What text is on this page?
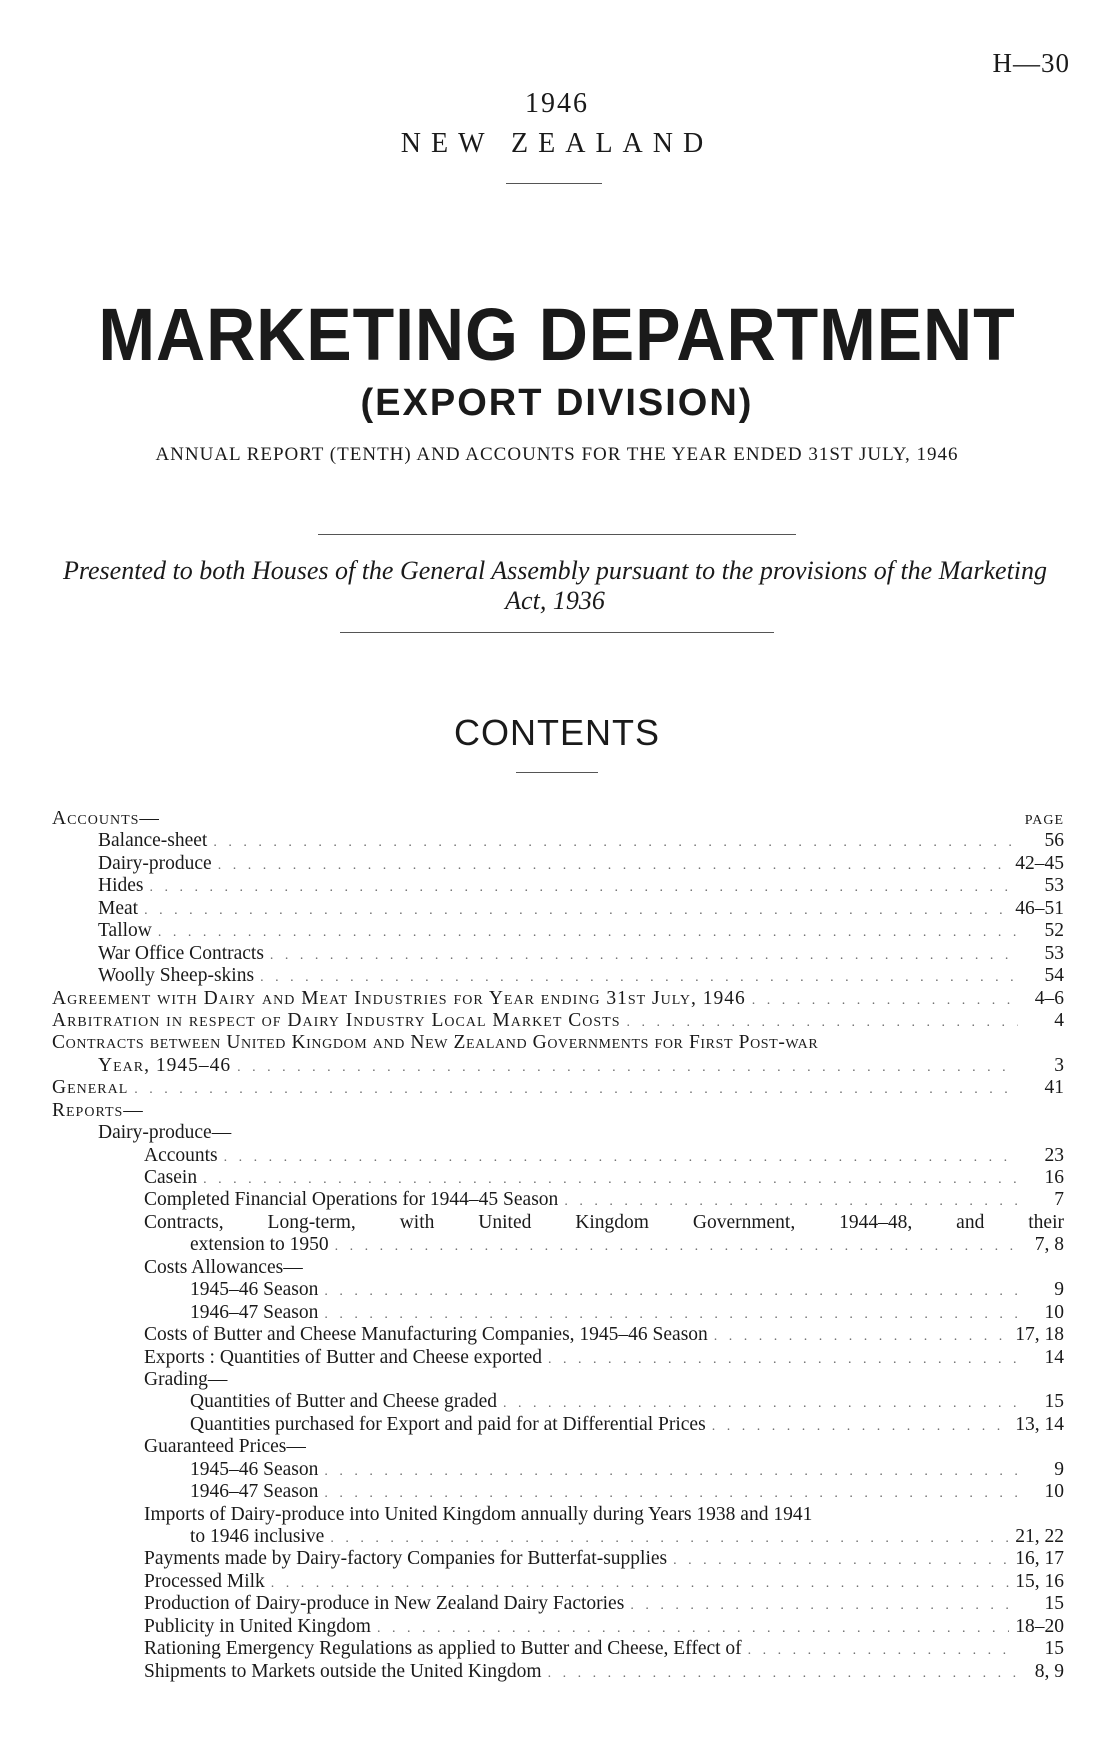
H—30
1946
NEW ZEALAND
MARKETING DEPARTMENT
(EXPORT DIVISION)
ANNUAL REPORT (TENTH) AND ACCOUNTS FOR THE YEAR ENDED 31ST JULY, 1946
Presented to both Houses of the General Assembly pursuant to the provisions of the Marketing Act, 1936
CONTENTS
Accounts—	PAGE
Balance-sheet . . .	56
Dairy-produce . . .	42–45
Hides . . .	53
Meat . . .	46–51
Tallow . . .	52
War Office Contracts . . .	53
Woolly Sheep-skins . . .	54
Agreement with Dairy and Meat Industries for Year ending 31st July, 1946 . . .	4–6
Arbitration in respect of Dairy Industry Local Market Costs . . .	4
Contracts between United Kingdom and New Zealand Governments for First Post-war
Year, 1945–46 . . .	3
General . . .	41
Reports—
Dairy-produce—
Accounts . . .	23
Casein . . .	16
Completed Financial Operations for 1944–45 Season . . .	7
Contracts, Long-term, with United Kingdom Government, 1944–48, and their
extension to 1950 . . .	7, 8
Costs Allowances—
1945–46 Season . . .	9
1946–47 Season . . .	10
Costs of Butter and Cheese Manufacturing Companies, 1945–46 Season . . .	17, 18
Exports : Quantities of Butter and Cheese exported . . .	14
Grading—
Quantities of Butter and Cheese graded . . .	15
Quantities purchased for Export and paid for at Differential Prices . . .	13, 14
Guaranteed Prices—
1945–46 Season . . .	9
1946–47 Season . . .	10
Imports of Dairy-produce into United Kingdom annually during Years 1938 and 1941
to 1946 inclusive . . .	21, 22
Payments made by Dairy-factory Companies for Butterfat-supplies . . .	16, 17
Processed Milk . . .	15, 16
Production of Dairy-produce in New Zealand Dairy Factories . . .	15
Publicity in United Kingdom . . .	18–20
Rationing Emergency Regulations as applied to Butter and Cheese, Effect of . . .	15
Shipments to Markets outside the United Kingdom . . .	8, 9
